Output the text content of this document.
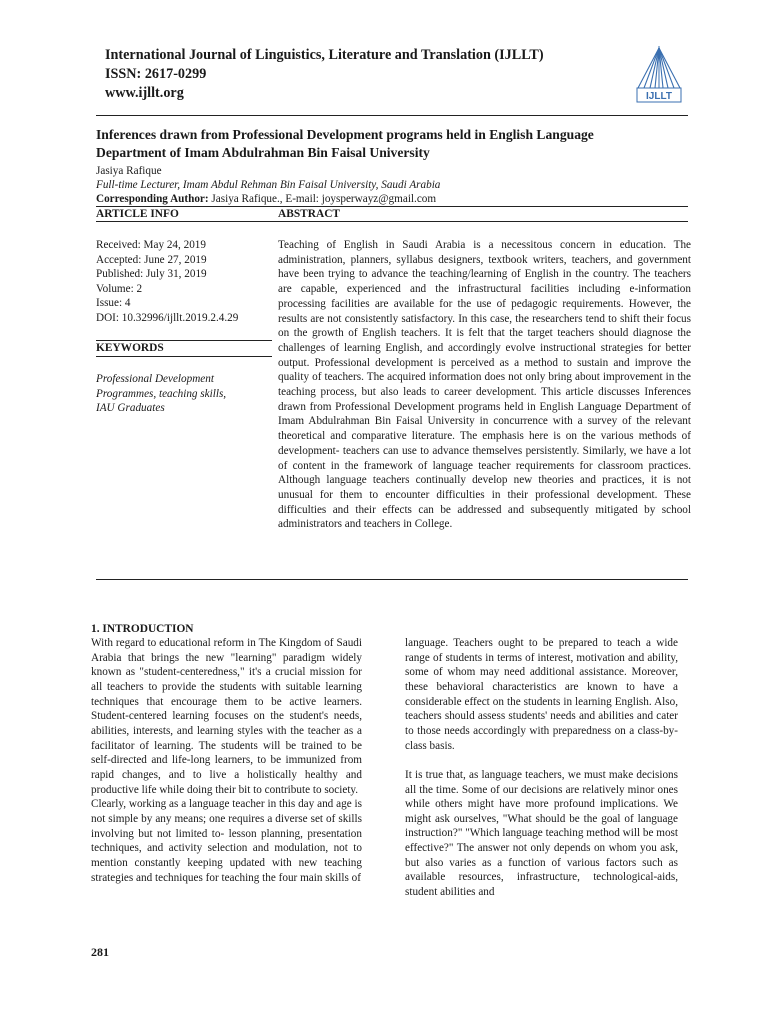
International Journal of Linguistics, Literature and Translation (IJLLT)
ISSN: 2617-0299
www.ijllt.org	IJLLT
Inferences drawn from Professional Development programs held in English Language
Department of Imam Abdulrahman Bin Faisal University
Jasiya Rafique
Full-time Lecturer, Imam Abdul Rehman Bin Faisal University, Saudi Arabia
Corresponding Author: Jasiya Rafique., E-mail: joysperwayz@gmail.com
ARTICLE INFO	ABSTRACT
Received: May 24, 2019
Accepted: June 27, 2019
Published: July 31, 2019
Volume: 2
Issue: 4
DOI: 10.32996/ijllt.2019.2.4.29
KEYWORDS
Professional Development
Programmes, teaching skills,
IAU Graduates
Teaching of English in Saudi Arabia is a necessitous concern in education. The administration, planners, syllabus designers, textbook writers, teachers, and government have been trying to advance the teaching/learning of English in the country. The teachers are capable, experienced and the infrastructural facilities including e-information processing facilities are available for the use of pedagogic requirements. However, the results are not consistently satisfactory. In this case, the researchers tend to shift their focus on the growth of English teachers. It is felt that the target teachers should diagnose the challenges of learning English, and accordingly evolve instructional strategies for better output. Professional development is perceived as a method to sustain and improve the quality of teachers. The acquired information does not only bring about improvement in the teaching process, but also leads to career development. This article discusses Inferences drawn from Professional Development programs held in English Language Department of Imam Abdulrahman Bin Faisal University in concurrence with a survey of the relevant theoretical and comparative literature. The emphasis here is on the various methods of development- teachers can use to advance themselves persistently. Similarly, we have a lot of content in the framework of language teacher requirements for classroom practices. Although language teachers continually develop new theories and practices, it is not unusual for them to encounter difficulties in their professional development. These difficulties and their effects can be addressed and subsequently mitigated by school administrators and teachers in College.
1. INTRODUCTION

With regard to educational reform in The Kingdom of Saudi Arabia that brings the new "learning" paradigm widely known as "student-centeredness," it's a crucial mission for all teachers to provide the students with suitable learning techniques that encourage them to be active learners. Student-centered learning focuses on the student's needs, abilities, interests, and learning styles with the teacher as a facilitator of learning. The students will be trained to be self-directed and life-long learners, to be immunized from rapid changes, and to live a holistically healthy and productive life while doing their bit to contribute to society.

Clearly, working as a language teacher in this day and age is not simple by any means; one requires a diverse set of skills involving but not limited to- lesson planning, presentation techniques, and activity selection and modulation, not to mention constantly keeping updated with new teaching strategies and techniques for teaching the four main skills of

language. Teachers ought to be prepared to teach a wide range of students in terms of interest, motivation and ability, some of whom may need additional assistance. Moreover, these behavioral characteristics are known to have a considerable effect on the students in learning English. Also, teachers should assess students' needs and abilities and cater to those needs accordingly with preparedness on a class-by-class basis.

It is true that, as language teachers, we must make decisions all the time. Some of our decisions are relatively minor ones while others might have more profound implications. We might ask ourselves, "What should be the goal of language instruction?" "Which language teaching method will be most effective?" The answer not only depends on whom you ask, but also varies as a function of various factors such as available resources, infrastructure, technological-aids, student abilities and

281
